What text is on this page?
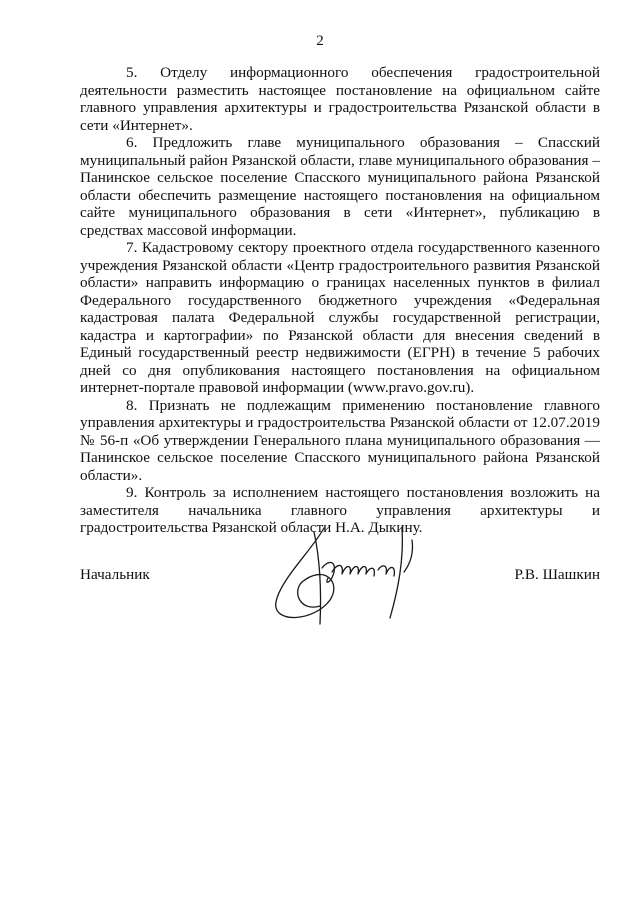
2

5. Отделу информационного обеспечения градостроительной деятельности разместить настоящее постановление на официальном сайте главного управления архитектуры и градостроительства Рязанской области в сети «Интернет».

6. Предложить главе муниципального образования – Спасский муниципальный район Рязанской области, главе муниципального образования – Панинское сельское поселение Спасского муниципального района Рязанской области обеспечить размещение настоящего постановления на официальном сайте муниципального образования в сети «Интернет», публикацию в средствах массовой информации.

7. Кадастровому сектору проектного отдела государственного казенного учреждения Рязанской области «Центр градостроительного развития Рязанской области» направить информацию о границах населенных пунктов в филиал Федерального государственного бюджетного учреждения «Федеральная кадастровая палата Федеральной службы государственной регистрации, кадастра и картографии» по Рязанской области для внесения сведений в Единый государственный реестр недвижимости (ЕГРН) в течение 5 рабочих дней со дня опубликования настоящего постановления на официальном интернет-портале правовой информации (www.pravo.gov.ru).

8. Признать не подлежащим применению постановление главного управления архитектуры и градостроительства Рязанской области от 12.07.2019 № 56-п «Об утверждении Генерального плана муниципального образования — Панинское сельское поселение Спасского муниципального района Рязанской области».

9. Контроль за исполнением настоящего постановления возложить на заместителя начальника главного управления архитектуры и градостроительства Рязанской области Н.А. Дыкину.

Начальник	Р.В. Шашкин
